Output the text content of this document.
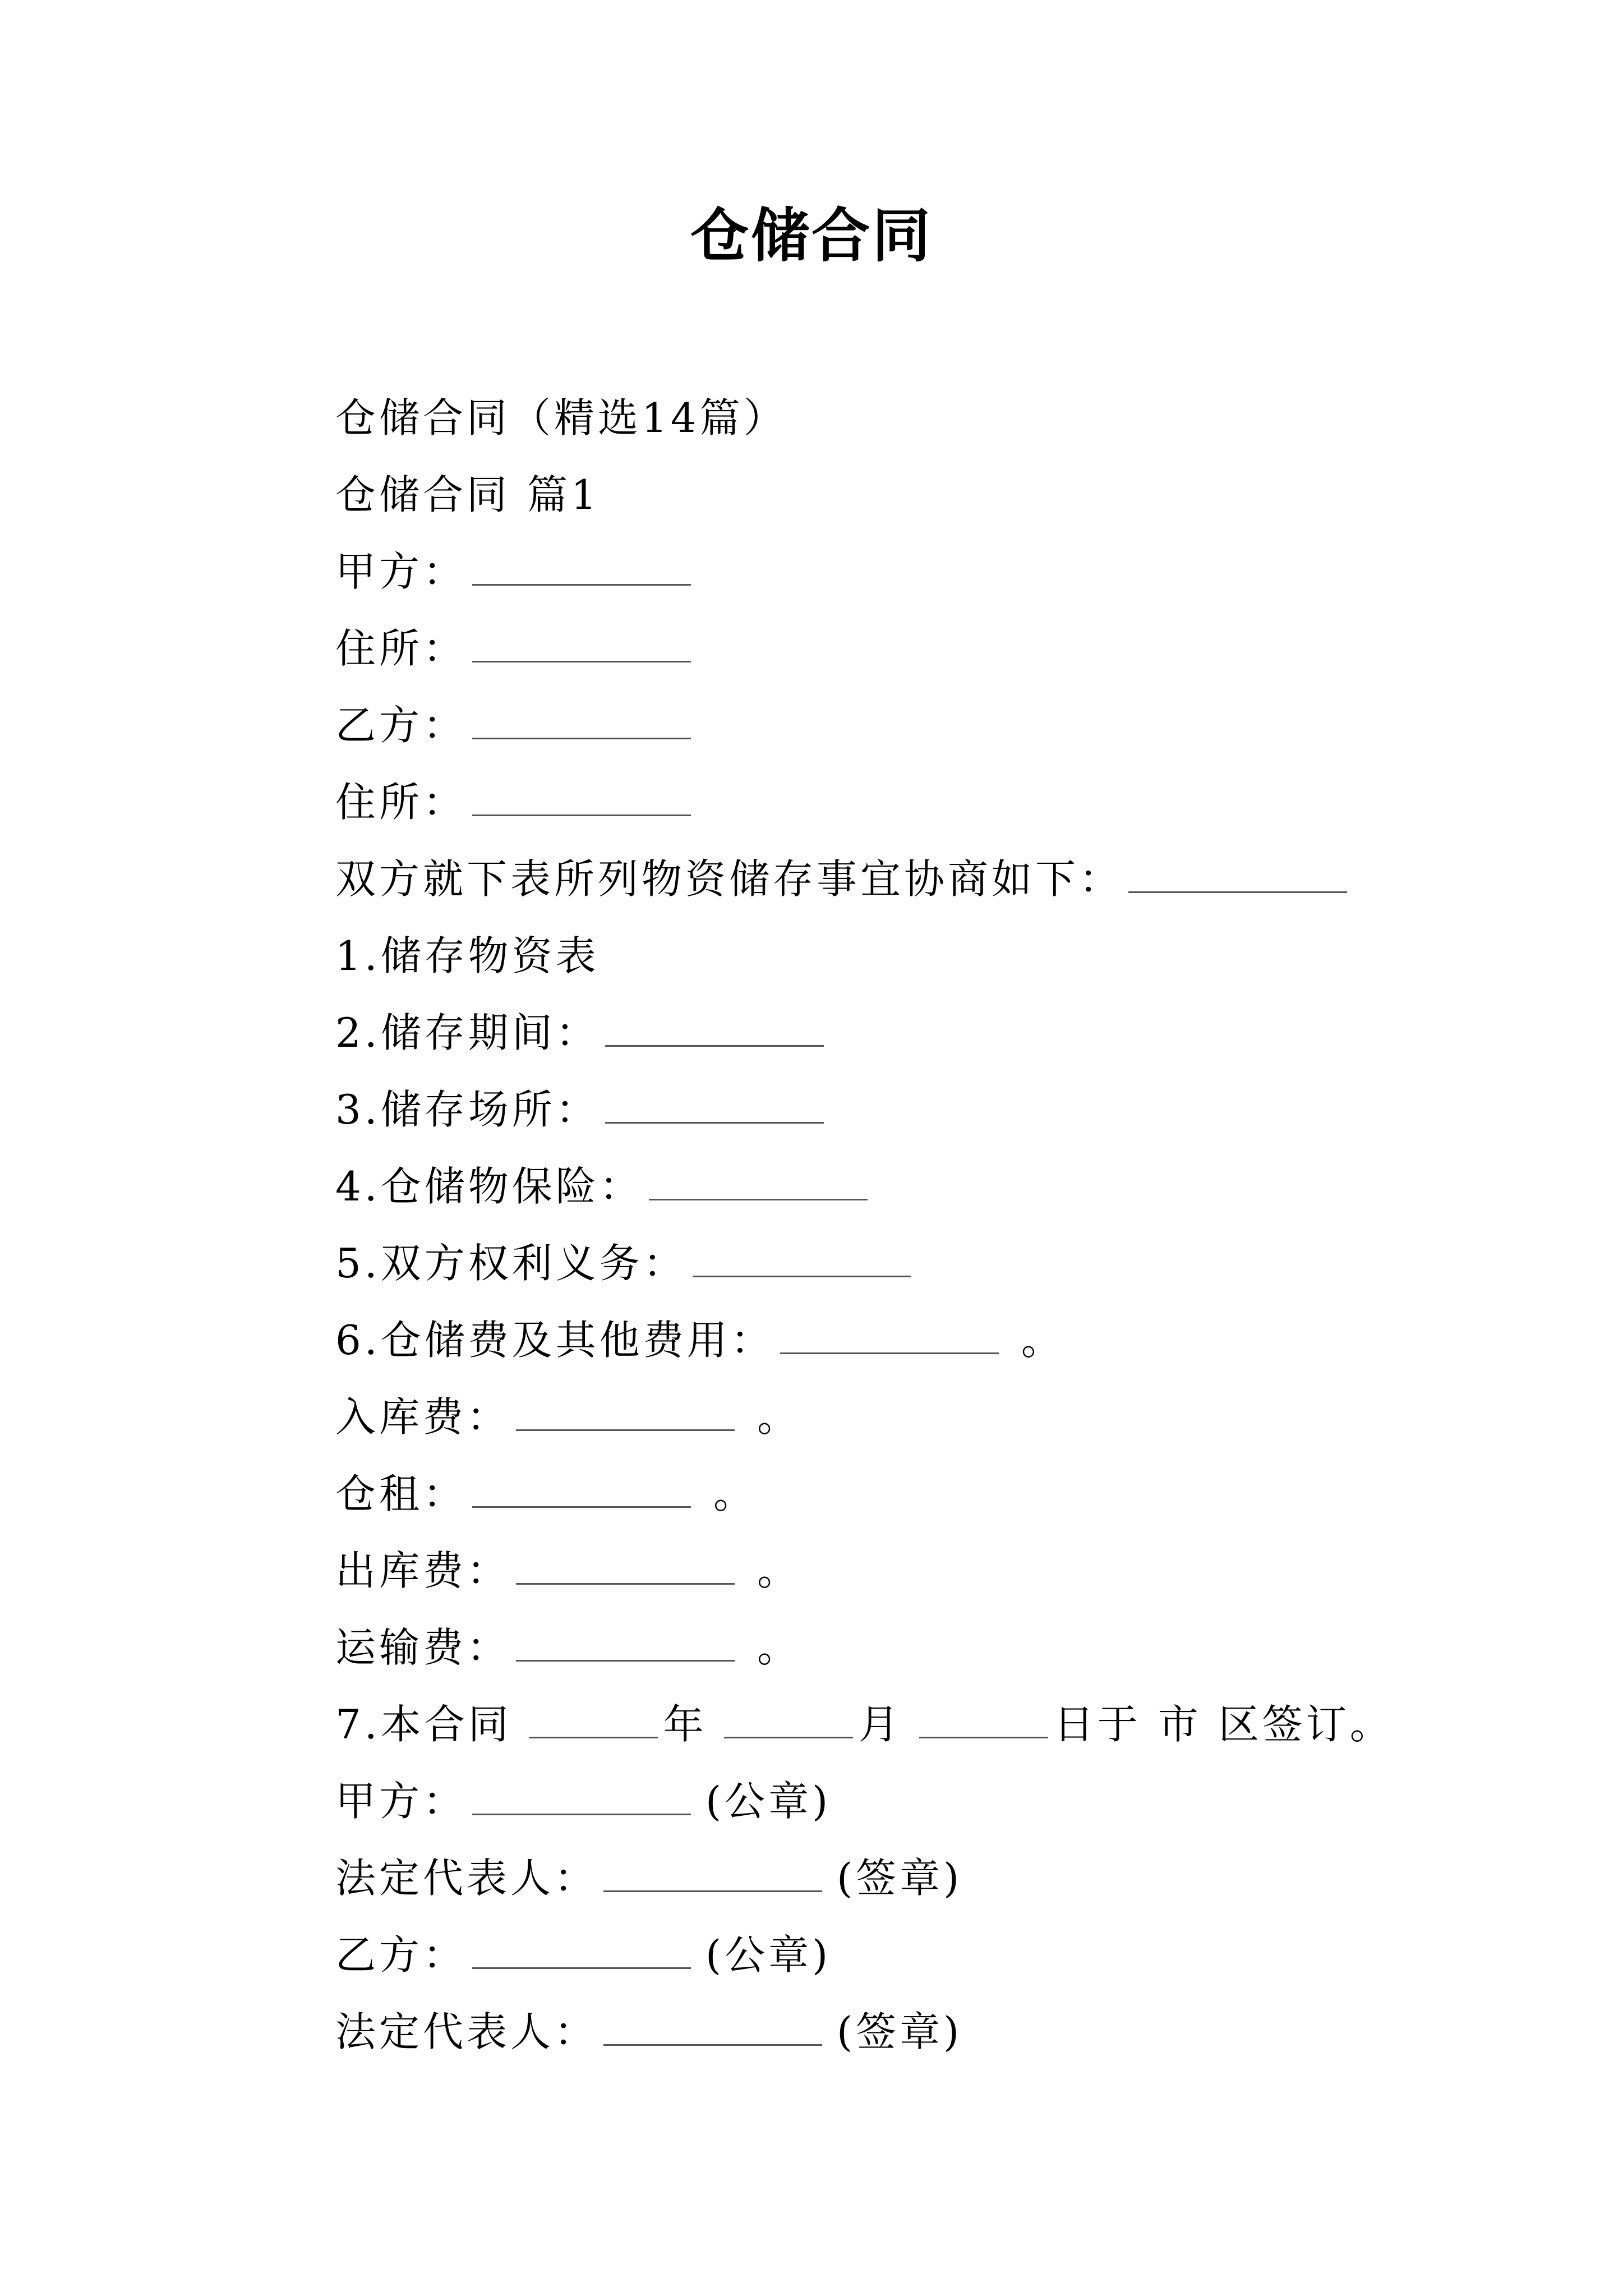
仓储合同
仓储合同（精选14篇）
仓储合同 篇1
甲方：
住所：
乙方：
住所：
双方就下表所列物资储存事宜协商如下：
1.储存物资表
2.储存期间：
3.储存场所：
4.仓储物保险：
5.双方权利义务：
6.仓储费及其他费用：	。
入库费：	。
仓租：	。
出库费：	。
运输费：	。
7.本合同	年	月	日于 市 区签订。
甲方：	(公章)
法定代表人：	(签章)
乙方：	(公章)
法定代表人：	(签章)
